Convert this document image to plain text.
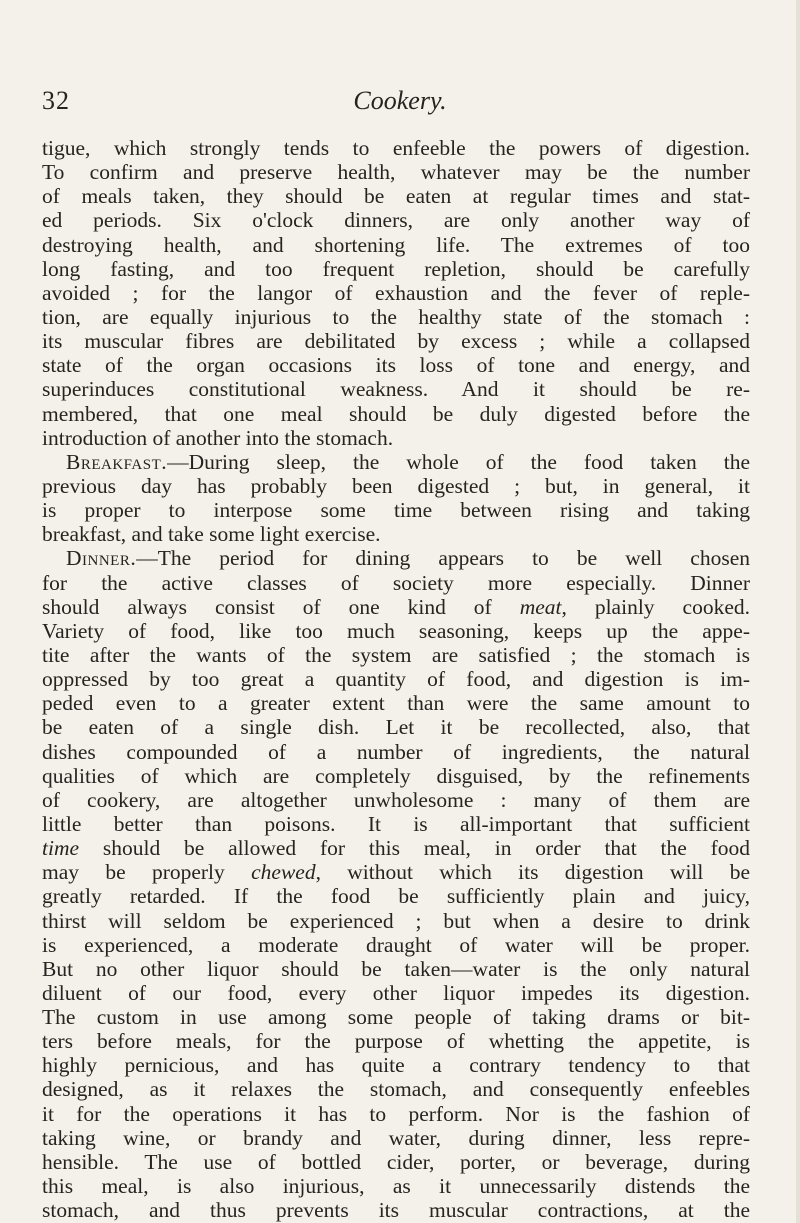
32	Cookery.
tigue, which strongly tends to enfeeble the powers of digestion.
To confirm and preserve health, whatever may be the number
of meals taken, they should be eaten at regular times and stat-
ed periods. Six o'clock dinners, are only another way of
destroying health, and shortening life. The extremes of too
long fasting, and too frequent repletion, should be carefully
avoided ; for the langor of exhaustion and the fever of reple-
tion, are equally injurious to the healthy state of the stomach :
its muscular fibres are debilitated by excess ; while a collapsed
state of the organ occasions its loss of tone and energy, and
superinduces constitutional weakness. And it should be re-
membered, that one meal should be duly digested before the
introduction of another into the stomach.
Breakfast.—During sleep, the whole of the food taken the
previous day has probably been digested ; but, in general, it
is proper to interpose some time between rising and taking
breakfast, and take some light exercise.
Dinner.—The period for dining appears to be well chosen
for the active classes of society more especially. Dinner
should always consist of one kind of meat, plainly cooked.
Variety of food, like too much seasoning, keeps up the appe-
tite after the wants of the system are satisfied ; the stomach is
oppressed by too great a quantity of food, and digestion is im-
peded even to a greater extent than were the same amount to
be eaten of a single dish. Let it be recollected, also, that
dishes compounded of a number of ingredients, the natural
qualities of which are completely disguised, by the refinements
of cookery, are altogether unwholesome : many of them are
little better than poisons. It is all-important that sufficient
time should be allowed for this meal, in order that the food
may be properly chewed, without which its digestion will be
greatly retarded. If the food be sufficiently plain and juicy,
thirst will seldom be experienced ; but when a desire to drink
is experienced, a moderate draught of water will be proper.
But no other liquor should be taken—water is the only natural
diluent of our food, every other liquor impedes its digestion.
The custom in use among some people of taking drams or bit-
ters before meals, for the purpose of whetting the appetite, is
highly pernicious, and has quite a contrary tendency to that
designed, as it relaxes the stomach, and consequently enfeebles
it for the operations it has to perform. Nor is the fashion of
taking wine, or brandy and water, during dinner, less repre-
hensible. The use of bottled cider, porter, or beverage, during
this meal, is also injurious, as it unnecessarily distends the
stomach, and thus prevents its muscular contractions, at the
